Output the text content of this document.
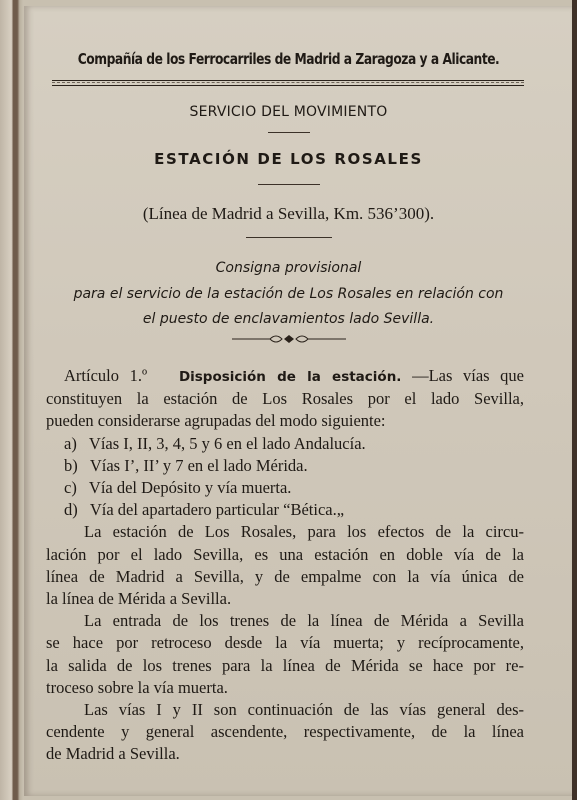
Compañía de los Ferrocarriles de Madrid a Zaragoza y a Alicante.
SERVICIO DEL MOVIMIENTO
ESTACIÓN DE LOS ROSALES
(Línea de Madrid a Sevilla, Km. 536’300).
Consigna provisional
para el servicio de la estación de Los Rosales en relación con
el puesto de enclavamientos lado Sevilla.
Artículo 1.º Disposición de la estación. —Las vías que
constituyen la estación de Los Rosales por el lado Sevilla,
pueden considerarse agrupadas del modo siguiente:
a) Vías I, II, 3, 4, 5 y 6 en el lado Andalucía.
b) Vías I’, II’ y 7 en el lado Mérida.
c) Vía del Depósito y vía muerta.
d) Vía del apartadero particular “Bética.„
La estación de Los Rosales, para los efectos de la circu-
lación por el lado Sevilla, es una estación en doble vía de la
línea de Madrid a Sevilla, y de empalme con la vía única de
la línea de Mérida a Sevilla.
La entrada de los trenes de la línea de Mérida a Sevilla
se hace por retroceso desde la vía muerta; y recíprocamente,
la salida de los trenes para la línea de Mérida se hace por re-
troceso sobre la vía muerta.
Las vías I y II son continuación de las vías general des-
cendente y general ascendente, respectivamente, de la línea
de Madrid a Sevilla.
